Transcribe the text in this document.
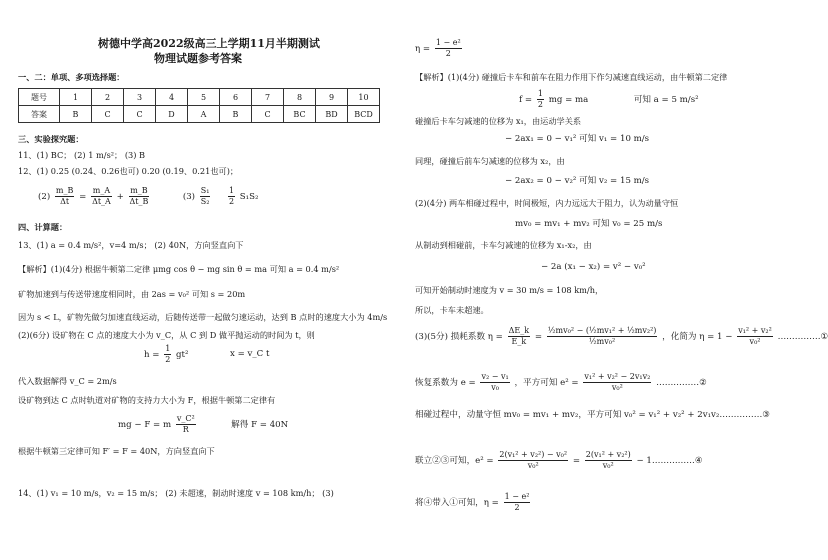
树德中学高2022级高三上学期11月半期测试
物理试题参考答案
一、二：单项、多项选择题：
题号	1	2	3	4	5	6	7	8	9	10
答案	B	C	C	D	A	B	C	BC	BD	BCD
三、实验探究题：
11、(1) BC； (2) 1 m/s²； (3) B
12、(1) 0.25 (0.24、0.26也可) 0.20 (0.19、0.21也可)；
$(2) \frac{m\_B}{\Delta t} = \frac{m\_A}{\Delta t\_A} + \frac{m\_B}{\Delta t\_B}$	$(3) \frac{\text{S₁}}{\text{S₂}}$
$\frac{1}{2} S_1S_2$
四、计算题：
13、(1) a = 0.4 m/s²，v=4 m/s； (2) 40N，方向竖直向下
【解析】(1)(4分) 根据牛顿第二定律 μmg cos θ − mg sin θ = ma 可知 a = 0.4 m/s²
矿物加速到与传送带速度相同时，由 2as = v₀² 可知 s = 20m
因为 s < L，矿物先做匀加速直线运动，后随传送带一起做匀速运动，达到 B 点时的速度大小为 4m/s
(2)(6分) 设矿物在 C 点的速度大小为 v_C，从 C 到 D 做平抛运动的时间为 t，则
$h = \frac{1}{2} gt^2$	x = v_C t
代入数据解得 v_C = 2m/s
设矿物到达 C 点时轨道对矿物的支持力大小为 F，根据牛顿第二定律有
mg − F = m $\frac{\text{v\_C²}}{R}$	解得 F = 40N
根据牛顿第三定律可知 F′ = F = 40N，方向竖直向下
14、(1) v₁ = 10 m/s，v₂ = 15 m/s； (2) 未超速，制动时速度 v = 108 km/h； (3)
$\eta = \frac{\text{1 − e²}}{2}$
【解析】(1)(4分) 碰撞后卡车和前车在阻力作用下作匀减速直线运动，由牛顿第二定律
$f = \frac{1}{2}$ mg = ma	可知 a = 5 m/s²
碰撞后卡车匀减速的位移为 x₁，由运动学关系
− 2ax₁ = 0 − v₁² 可知 v₁ = 10 m/s
同理，碰撞后前车匀减速的位移为 x₂，由
− 2ax₂ = 0 − v₂² 可知 v₂ = 15 m/s
(2)(4分) 两车相碰过程中，时间极短，内力远远大于阻力，认为动量守恒
mv₀ = mv₁ + mv₂ 可知 v₀ = 25 m/s
从制动到相碰前，卡车匀减速的位移为 x₁-x₂，由
− 2a (x₁ − x₂) = v² − v₀²
可知开始制动时速度为 v = 30 m/s = 108 km/h，
所以，卡车未超速。
(3)(5分) 损耗系数 $\eta = \frac{\Delta E\_k}{E\_k} = \frac{\text{½mv₀² − (½mv₁² + ½mv₂²)}}{\text{½mv₀²}}$ ，化简为 $\eta = 1 - \frac{\text{v₁² + v₂²}}{\text{v₀²}}$ ……………①
恢复系数为 $e = \frac{\text{v₂ − v₁}}{\text{v₀}}$ ，平方可知 $e^2 = \frac{\text{v₁² + v₂² − 2v₁v₂}}{\text{v₀²}}$ ……………②
相碰过程中，动量守恒 mv₀ = mv₁ + mv₂，平方可知 v₀² = v₁² + v₂² + 2v₁v₂……………③
联立②③可知，$e^2 = \frac{\text{2(v₁² + v₂²) − v₀²}}{\text{v₀²}} = \frac{\text{2(v₁² + v₂²)}}{\text{v₀²}}$ − 1……………④
将④带入①可知，$\eta = \frac{\text{1 − e²}}{2}$
